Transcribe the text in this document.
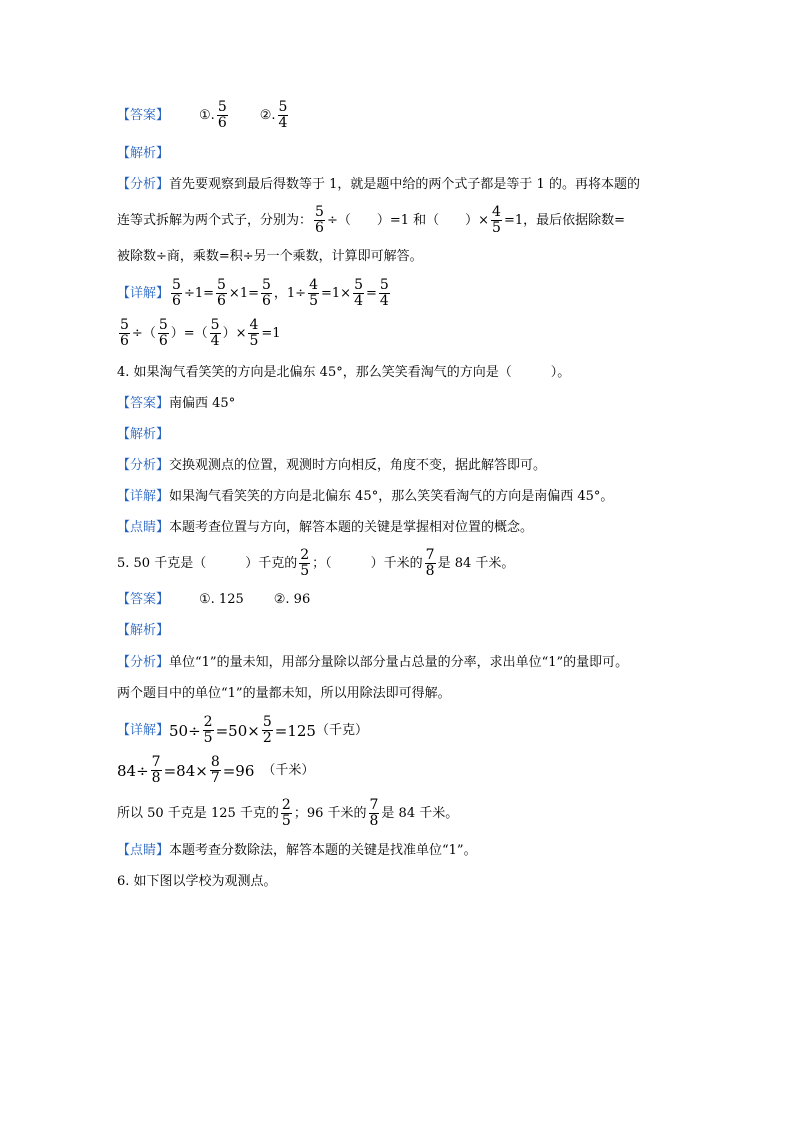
【答案】 ①. $\frac{5}{6}$ ②. $\frac{5}{4}$
【解析】
【分析】 首先要观察到最后得数等于 1，就是题中给的两个式子都是等于 1 的。再将本题的
连等式拆解为两个式子，分别为： $\frac{5}{6}$ ÷（　　）=1 和（　　）× $\frac{4}{5} =1$，最后依据除数=
被除数÷商，乘数=积÷另一个乘数，计算即可解答。
【详解】 $\frac{5}{6} \div 1= \frac{5}{6} \times 1= \frac{5}{6}$ ，$1\div \frac{4}{5} =1\times \frac{5}{4} = \frac{5}{4}$
$\frac{5}{6}$ ÷（ $\frac{5}{6}$ ）=（ $\frac{5}{4}$ ）× $\frac{4}{5} =1$
4. 如果淘气看笑笑的方向是北偏东 45°，那么笑笑看淘气的方向是（　　　）。
【答案】 南偏西 45°
【解析】
【分析】 交换观测点的位置，观测时方向相反，角度不变，据此解答即可。
【详解】 如果淘气看笑笑的方向是北偏东 45°，那么笑笑看淘气的方向是南偏西 45°。
【点睛】 本题考查位置与方向，解答本题的关键是掌握相对位置的概念。
5. 50 千克是（　　　）千克的 $\frac{2}{5}$ ；（　　　）千米的 $\frac{7}{8}$ 是 84 千米。
【答案】 ①. 125 ②. 96
【解析】
【分析】 单位“1”的量未知，用部分量除以部分量占总量的分率，求出单位“1”的量即可。
两个题目中的单位“1”的量都未知，所以用除法即可得解。
【详解】 $50\div \frac{2}{5} =50\times \frac{5}{2} =125$ （千克）
$84\div \frac{7}{8} =84\times \frac{8}{7} =96$ （千米）
所以 50 千克是 125 千克的 $\frac{2}{5}$ ；96 千米的 $\frac{7}{8}$ 是 84 千米。
【点睛】 本题考查分数除法，解答本题的关键是找准单位“1”。
6. 如下图以学校为观测点。
